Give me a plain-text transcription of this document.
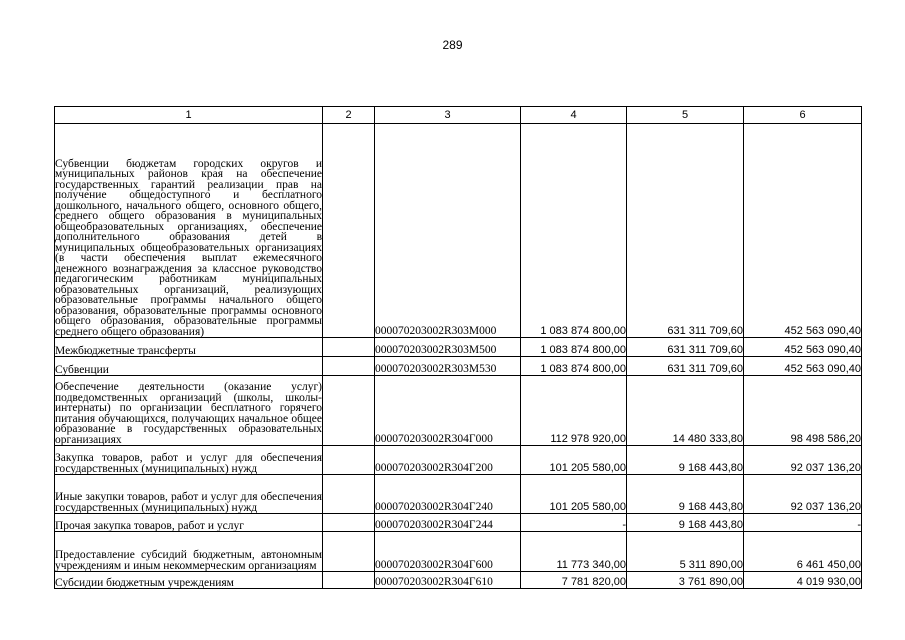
289
1	2	3	4	5	6
Субвенции бюджетам городских округов и муниципальных районов края на обеспечение государственных гарантий реализации прав на получение общедоступного и бесплатного дошкольного, начального общего, основного общего, среднего общего образования в муниципальных общеобразовательных организациях, обеспечение дополнительного образования детей в муниципальных общеобразовательных организациях (в части обеспечения выплат ежемесячного денежного вознаграждения за классное руководство педагогическим работникам муниципальных образовательных организаций, реализующих образовательные программы начального общего образования, образовательные программы основного общего образования, образовательные программы среднего общего образования)		000070203002R303M000	1 083 874 800,00	631 311 709,60	452 563 090,40
Межбюджетные трансферты		000070203002R303M500	1 083 874 800,00	631 311 709,60	452 563 090,40
Субвенции		000070203002R303M530	1 083 874 800,00	631 311 709,60	452 563 090,40
Обеспечение деятельности (оказание услуг) подведомственных организаций (школы, школы-интернаты) по организации бесплатного горячего питания обучающихся, получающих начальное общее образование в государственных образовательных организациях		000070203002R304Г000	112 978 920,00	14 480 333,80	98 498 586,20
Закупка товаров, работ и услуг для обеспечения государственных (муниципальных) нужд		000070203002R304Г200	101 205 580,00	9 168 443,80	92 037 136,20
Иные закупки товаров, работ и услуг для обеспечения государственных (муниципальных) нужд		000070203002R304Г240	101 205 580,00	9 168 443,80	92 037 136,20
Прочая закупка товаров, работ и услуг		000070203002R304Г244	-	9 168 443,80	-
Предоставление субсидий бюджетным, автономным учреждениям и иным некоммерческим организациям		000070203002R304Г600	11 773 340,00	5 311 890,00	6 461 450,00
Субсидии бюджетным учреждениям		000070203002R304Г610	7 781 820,00	3 761 890,00	4 019 930,00
